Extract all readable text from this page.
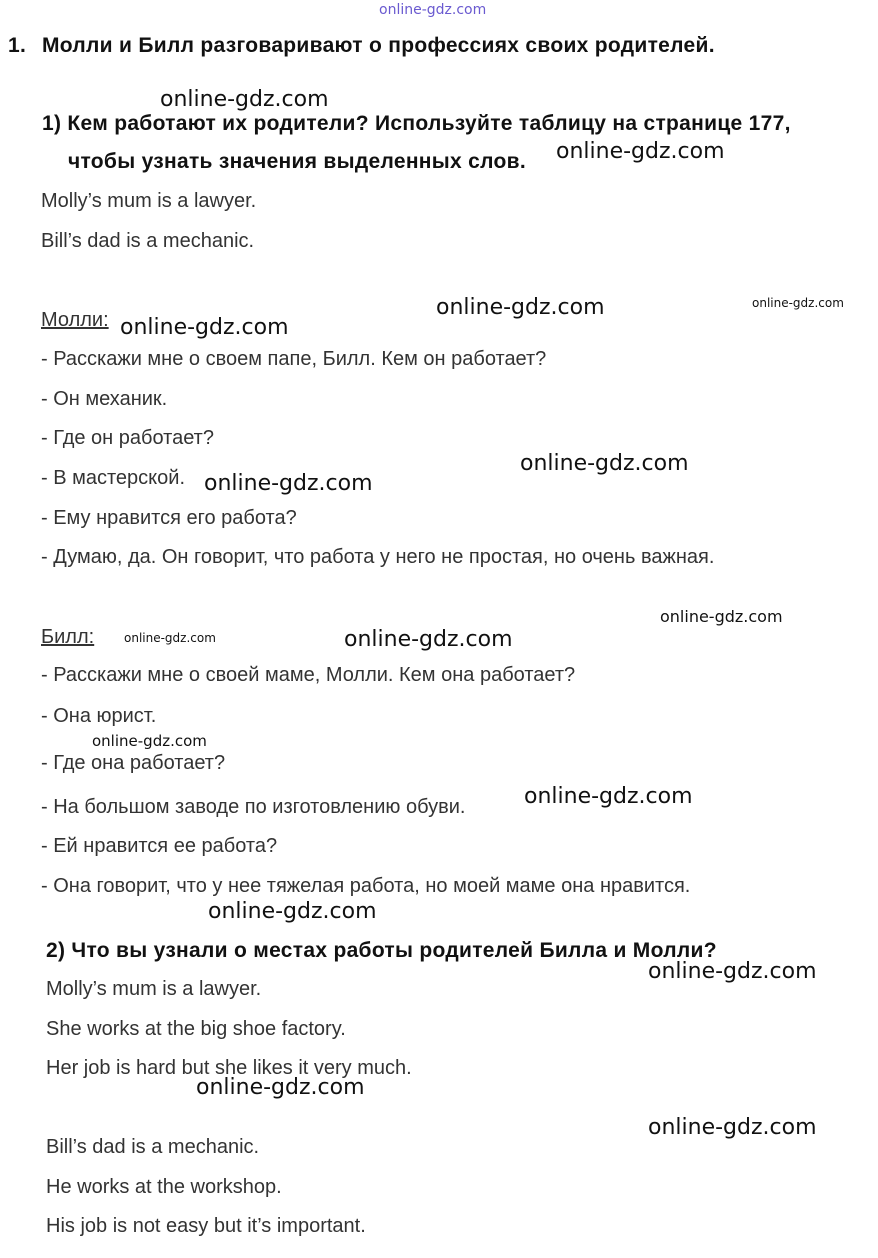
online-gdz.com
1. Молли и Билл разговаривают о профессиях своих родителей.
1) Кем работают их родители? Используйте таблицу на странице 177,
чтобы узнать значения выделенных слов.
Molly’s mum is a lawyer.
Bill’s dad is a mechanic.
Молли:
- Расскажи мне о своем папе, Билл. Кем он работает?
- Он механик.
- Где он работает?
- В мастерской.
- Ему нравится его работа?
- Думаю, да. Он говорит, что работа у него не простая, но очень важная.
Билл:
- Расскажи мне о своей маме, Молли. Кем она работает?
- Она юрист.
- Где она работает?
- На большом заводе по изготовлению обуви.
- Ей нравится ее работа?
- Она говорит, что у нее тяжелая работа, но моей маме она нравится.
2) Что вы узнали о местах работы родителей Билла и Молли?
Molly’s mum is a lawyer.
She works at the big shoe factory.
Her job is hard but she likes it very much.
Bill’s dad is a mechanic.
He works at the workshop.
His job is not easy but it’s important.
online-gdz.com
online-gdz.com
online-gdz.com	online-gdz.com
online-gdz.com
online-gdz.com
online-gdz.com
online-gdz.com
online-gdz.com	online-gdz.com
online-gdz.com
online-gdz.com
online-gdz.com
online-gdz.com
online-gdz.com
online-gdz.com
